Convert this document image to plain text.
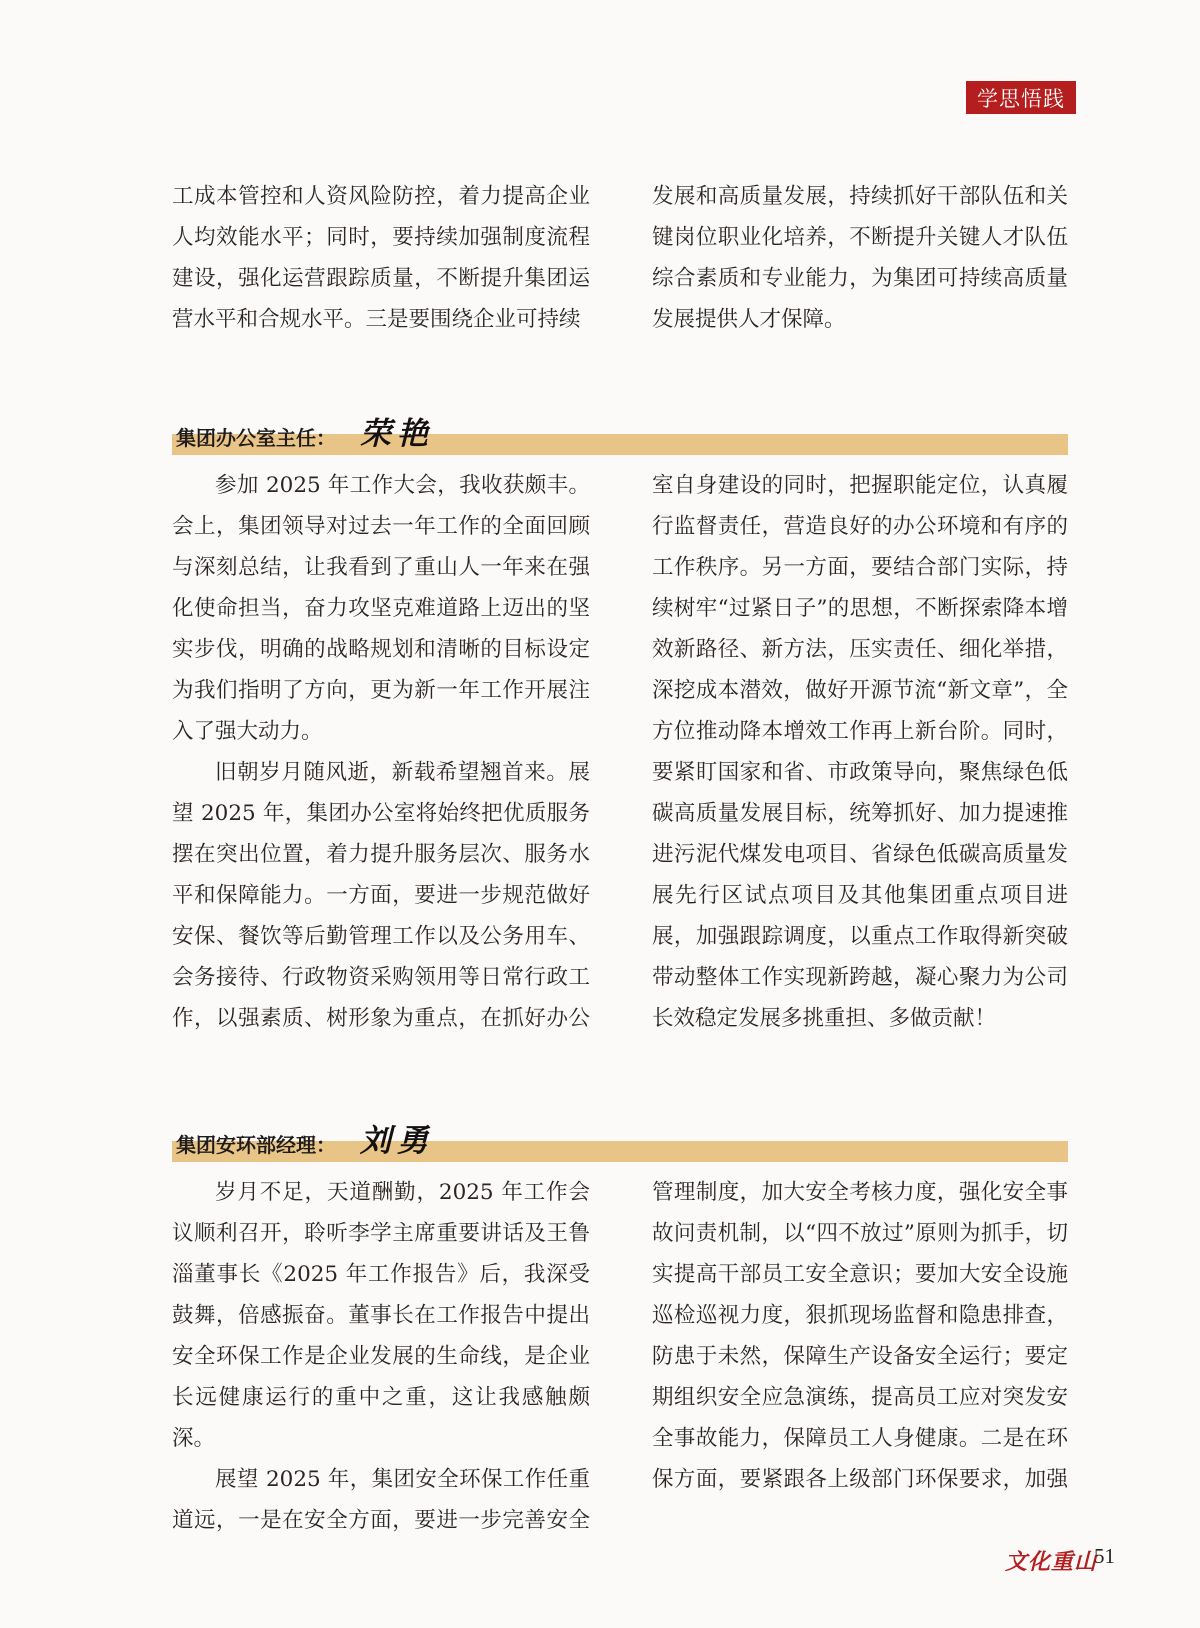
学思悟践

工成本管控和人资风险防控，着力提高企业人均效能水平；同时，要持续加强制度流程建设，强化运营跟踪质量，不断提升集团运营水平和合规水平。三是要围绕企业可持续

发展和高质量发展，持续抓好干部队伍和关键岗位职业化培养，不断提升关键人才队伍综合素质和专业能力，为集团可持续高质量发展提供人才保障。

集团办公室主任： 荣艳

参加 2025 年工作大会，我收获颇丰。会上，集团领导对过去一年工作的全面回顾与深刻总结，让我看到了重山人一年来在强化使命担当，奋力攻坚克难道路上迈出的坚实步伐，明确的战略规划和清晰的目标设定为我们指明了方向，更为新一年工作开展注入了强大动力。

旧朝岁月随风逝，新载希望翘首来。展望 2025 年，集团办公室将始终把优质服务摆在突出位置，着力提升服务层次、服务水平和保障能力。一方面，要进一步规范做好安保、餐饮等后勤管理工作以及公务用车、会务接待、行政物资采购领用等日常行政工作，以强素质、树形象为重点，在抓好办公

室自身建设的同时，把握职能定位，认真履行监督责任，营造良好的办公环境和有序的工作秩序。另一方面，要结合部门实际，持续树牢“过紧日子”的思想，不断探索降本增效新路径、新方法，压实责任、细化举措，深挖成本潜效，做好开源节流“新文章”，全方位推动降本增效工作再上新台阶。同时，要紧盯国家和省、市政策导向，聚焦绿色低碳高质量发展目标，统筹抓好、加力提速推进污泥代煤发电项目、省绿色低碳高质量发展先行区试点项目及其他集团重点项目进展，加强跟踪调度，以重点工作取得新突破带动整体工作实现新跨越，凝心聚力为公司长效稳定发展多挑重担、多做贡献！

集团安环部经理： 刘勇

岁月不足，天道酬勤，2025 年工作会议顺利召开，聆听李学主席重要讲话及王鲁淄董事长《2025 年工作报告》后，我深受鼓舞，倍感振奋。董事长在工作报告中提出安全环保工作是企业发展的生命线，是企业长远健康运行的重中之重，这让我感触颇深。

展望 2025 年，集团安全环保工作任重道远，一是在安全方面，要进一步完善安全

管理制度，加大安全考核力度，强化安全事故问责机制，以“四不放过”原则为抓手，切实提高干部员工安全意识；要加大安全设施巡检巡视力度，狠抓现场监督和隐患排查，防患于未然，保障生产设备安全运行；要定期组织安全应急演练，提高员工应对突发安全事故能力，保障员工人身健康。二是在环保方面，要紧跟各上级部门环保要求，加强

文化重山
51
